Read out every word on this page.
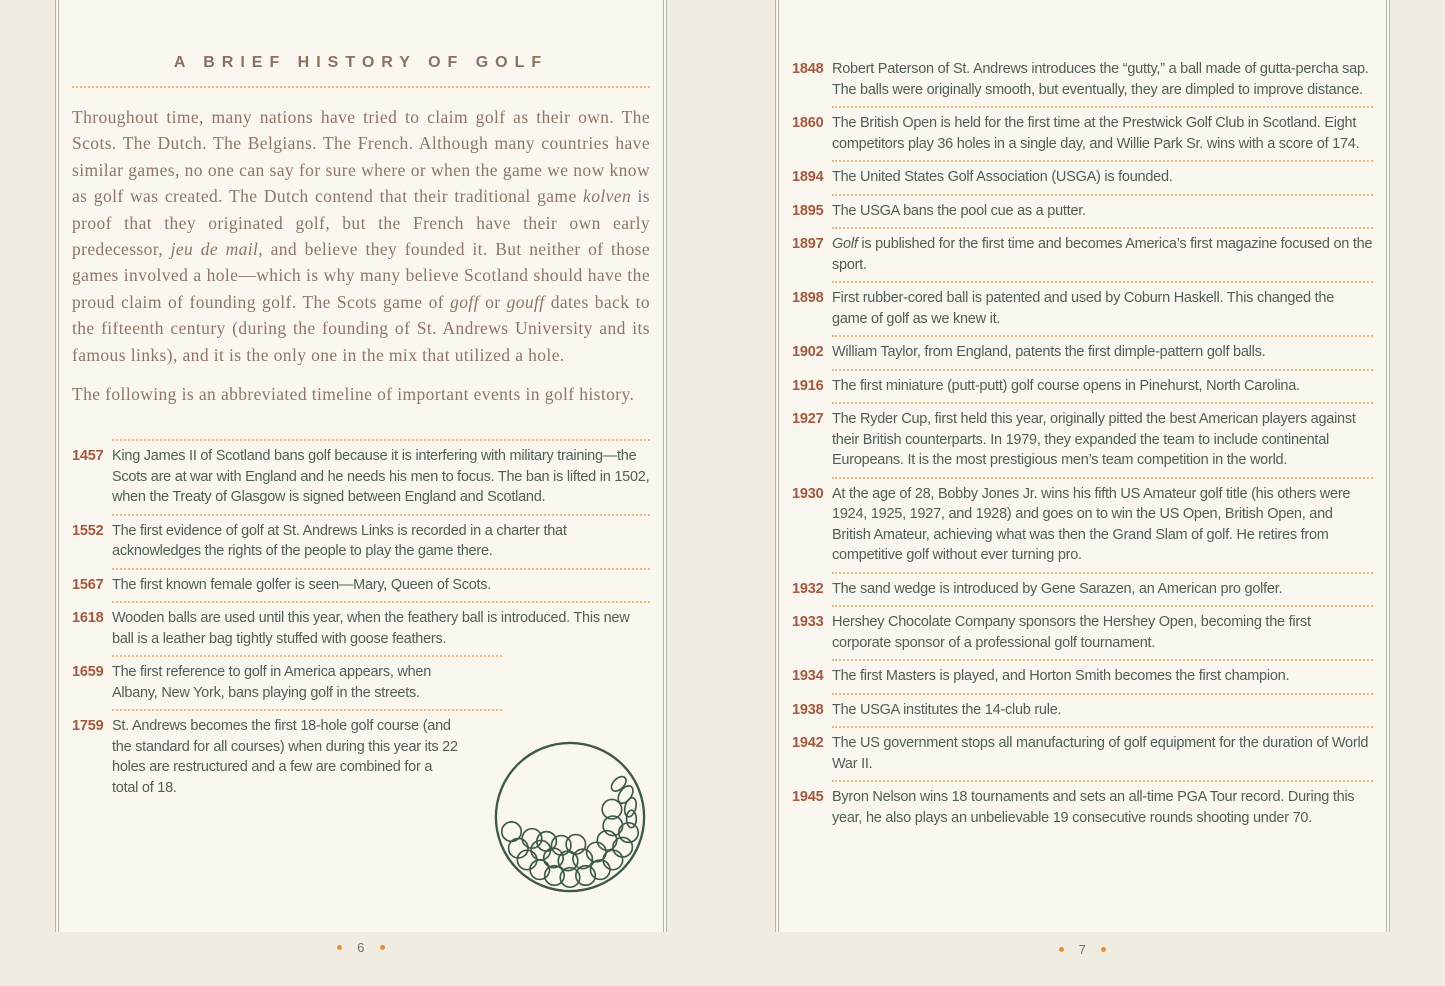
A BRIEF HISTORY OF GOLF

Throughout time, many nations have tried to claim golf as their own. The Scots. The Dutch. The Belgians. The French. Although many countries have similar games, no one can say for sure where or when the game we now know as golf was created. The Dutch contend that their traditional game kolven is proof that they originated golf, but the French have their own early predecessor, jeu de mail, and believe they founded it. But neither of those games involved a hole—which is why many believe Scotland should have the proud claim of founding golf. The Scots game of goff or gouff dates back to the fifteenth century (during the founding of St. Andrews University and its famous links), and it is the only one in the mix that utilized a hole.

The following is an abbreviated timeline of important events in golf history.

1457 King James II of Scotland bans golf because it is interfering with military training—the Scots are at war with England and he needs his men to focus. The ban is lifted in 1502, when the Treaty of Glasgow is signed between England and Scotland.
1552 The first evidence of golf at St. Andrews Links is recorded in a charter that acknowledges the rights of the people to play the game there.
1567 The first known female golfer is seen—Mary, Queen of Scots.
1618 Wooden balls are used until this year, when the feathery ball is introduced. This new ball is a leather bag tightly stuffed with goose feathers.
1659 The first reference to golf in America appears, when Albany, New York, bans playing golf in the streets.
1759 St. Andrews becomes the first 18-hole golf course (and the standard for all courses) when during this year its 22 holes are restructured and a few are combined for a total of 18.
6
1848 Robert Paterson of St. Andrews introduces the “gutty,” a ball made of gutta-percha sap. The balls were originally smooth, but eventually, they are dimpled to improve distance.
1860 The British Open is held for the first time at the Prestwick Golf Club in Scotland. Eight competitors play 36 holes in a single day, and Willie Park Sr. wins with a score of 174.
1894 The United States Golf Association (USGA) is founded.
1895 The USGA bans the pool cue as a putter.
1897 Golf is published for the first time and becomes America’s first magazine focused on the sport.
1898 First rubber-cored ball is patented and used by Coburn Haskell. This changed the game of golf as we knew it.
1902 William Taylor, from England, patents the first dimple-pattern golf balls.
1916 The first miniature (putt-putt) golf course opens in Pinehurst, North Carolina.
1927 The Ryder Cup, first held this year, originally pitted the best American players against their British counterparts. In 1979, they expanded the team to include continental Europeans. It is the most prestigious men’s team competition in the world.
1930 At the age of 28, Bobby Jones Jr. wins his fifth US Amateur golf title (his others were 1924, 1925, 1927, and 1928) and goes on to win the US Open, British Open, and British Amateur, achieving what was then the Grand Slam of golf. He retires from competitive golf without ever turning pro.
1932 The sand wedge is introduced by Gene Sarazen, an American pro golfer.
1933 Hershey Chocolate Company sponsors the Hershey Open, becoming the first corporate sponsor of a professional golf tournament.
1934 The first Masters is played, and Horton Smith becomes the first champion.
1938 The USGA institutes the 14-club rule.
1942 The US government stops all manufacturing of golf equipment for the duration of World War II.
1945 Byron Nelson wins 18 tournaments and sets an all-time PGA Tour record. During this year, he also plays an unbelievable 19 consecutive rounds shooting under 70.
7
